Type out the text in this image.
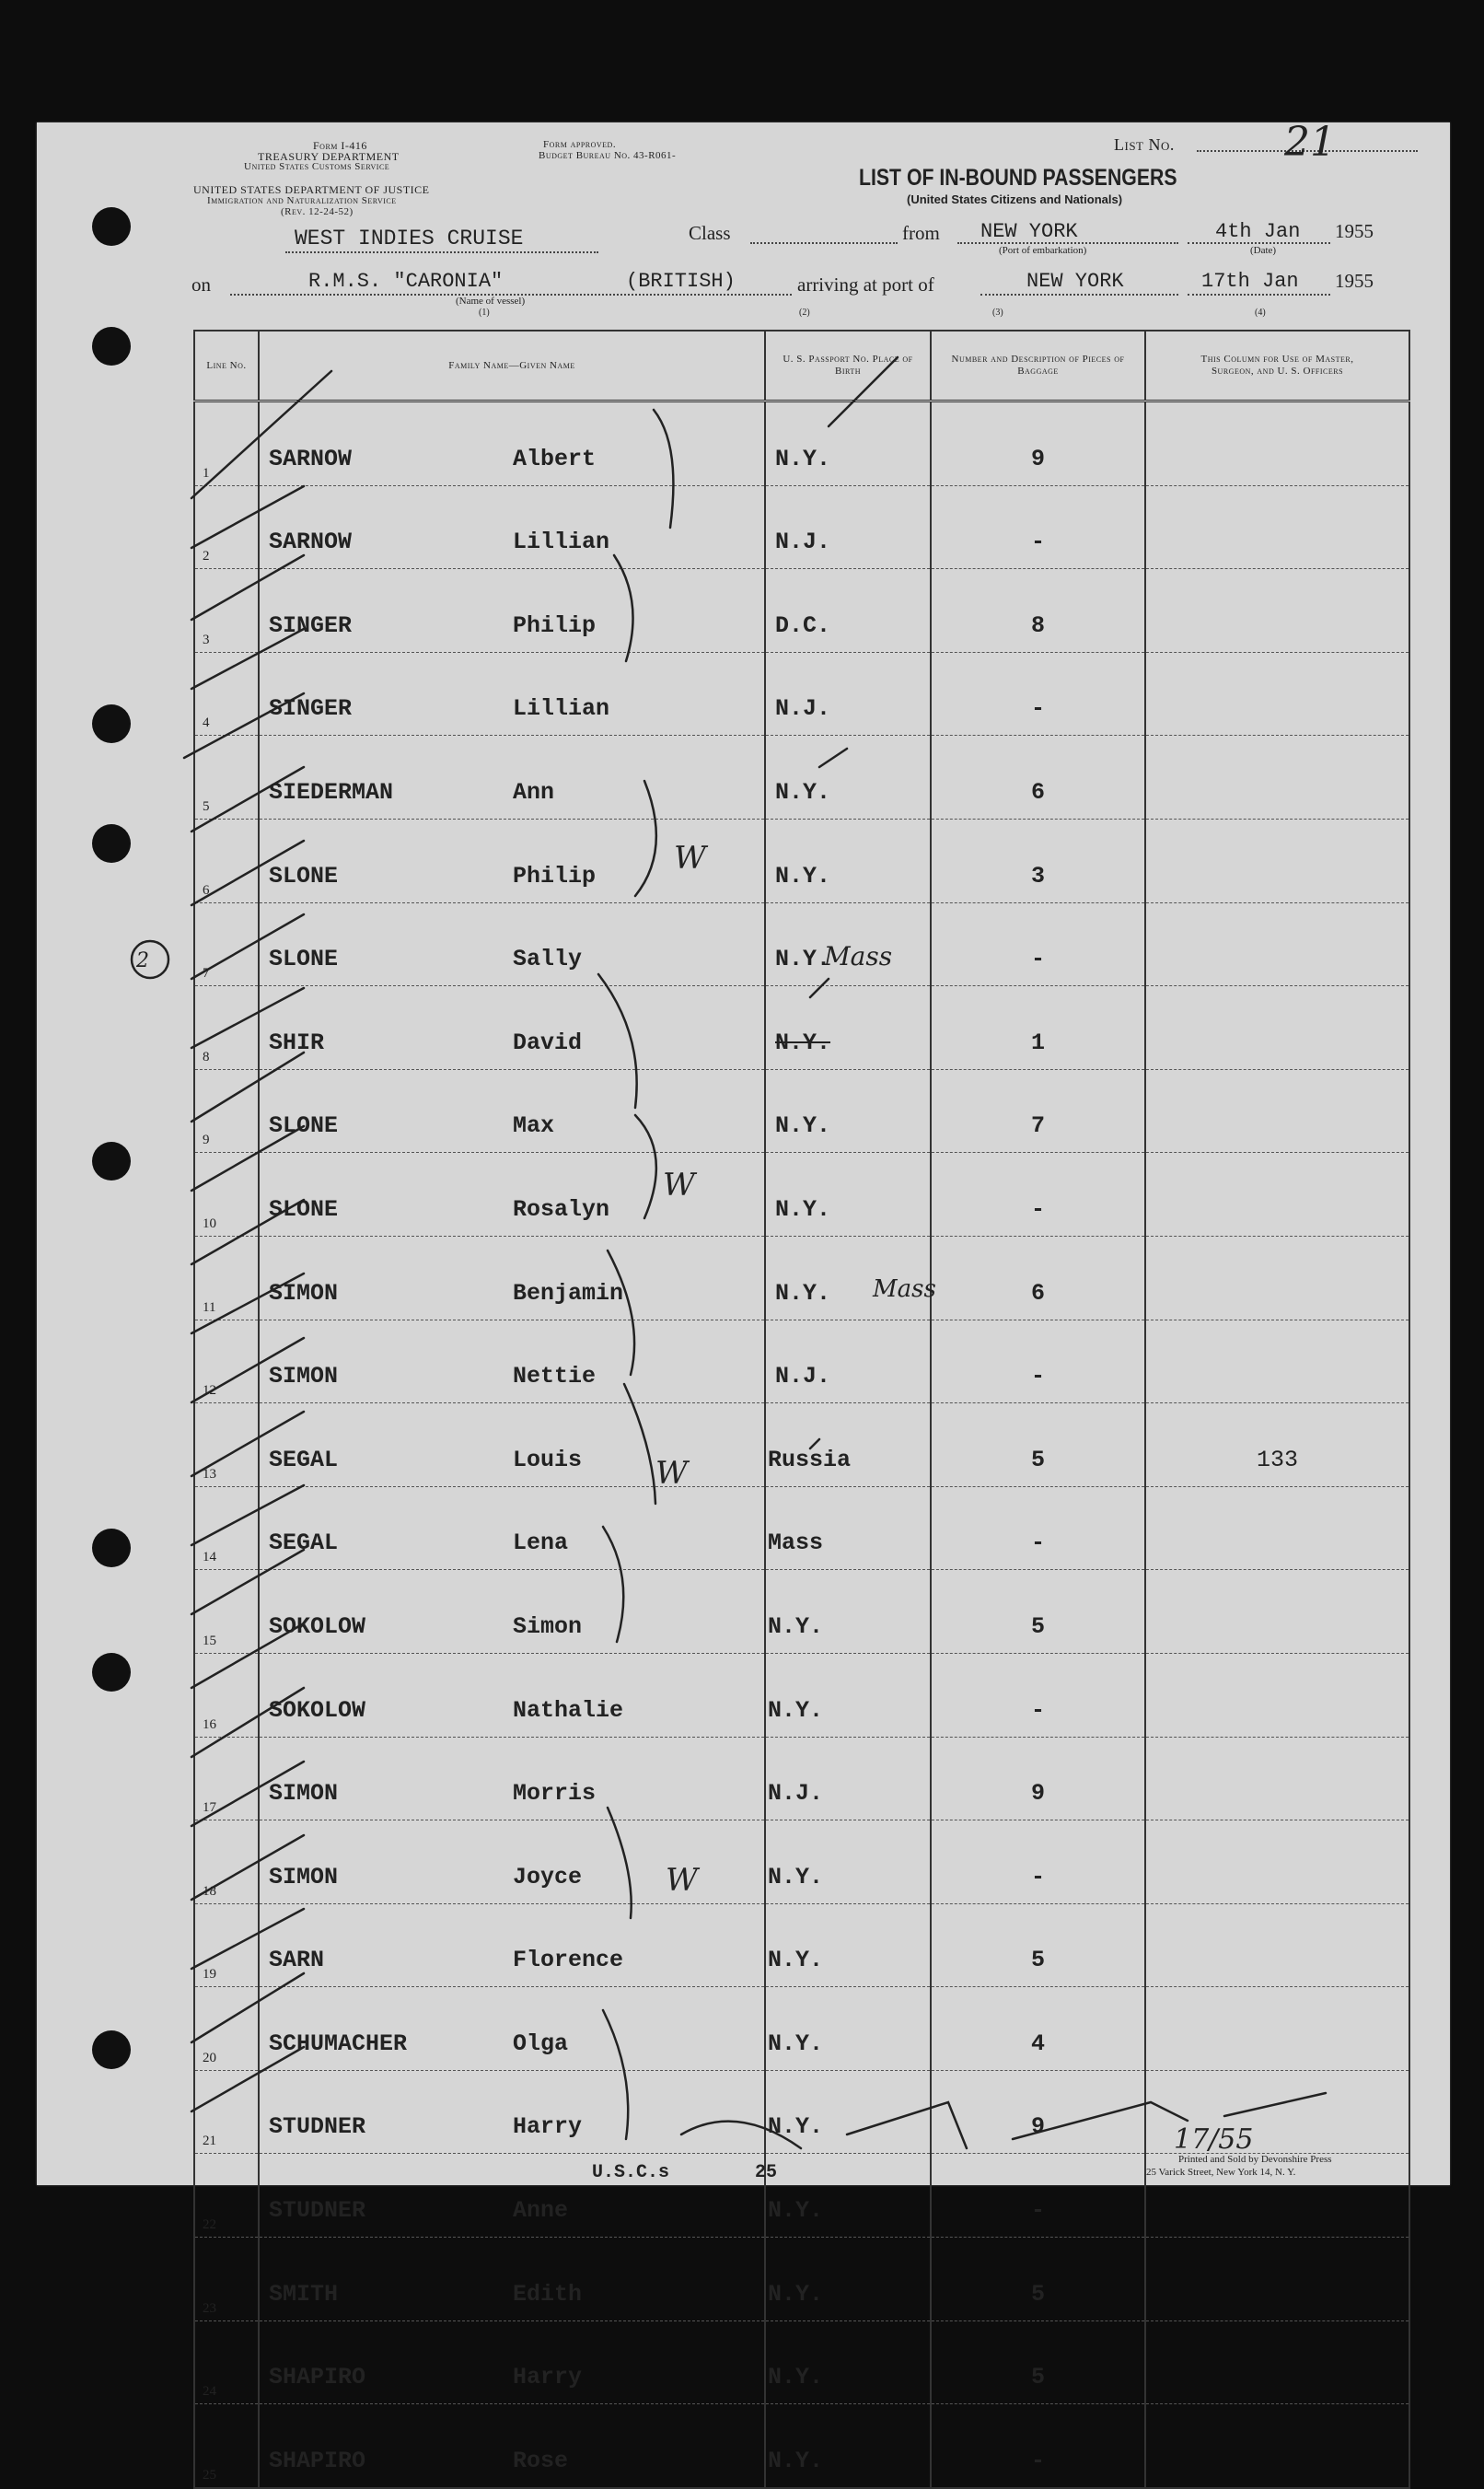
Form I-416
TREASURY DEPARTMENT
United States Customs Service
Form approved.
Budget Bureau No. 43-R061-
UNITED STATES DEPARTMENT OF JUSTICE
Immigration and Naturalization Service
(Rev. 12-24-52)
List No.	21
LIST OF IN-BOUND PASSENGERS
(United States Citizens and Nationals)
WEST INDIES CRUISE	Class	from NEW YORK
(Port of embarkation)
4th Jan 1955
(Date)
on	R.M.S. "CARONIA"	(BRITISH)
(Name of vessel)
(1)	(2)	(3)	(4)
arriving at port of	NEW YORK	17th Jan 1955
Line No.	Family Name—Given Name	U. S. Passport No. Place of Birth	Number and Description of Pieces of Baggage	This Column for Use of Master, Surgeon, and U. S. Officers
1	SARNOW Albert	N.Y.	9	
2	SARNOW Lillian	N.J.	-	
3	SINGER Philip	D.C.	8	
4	SINGER Lillian	N.J.	-	
5	SIEDERMAN Ann	N.Y.	6	
6	SLONE Philip	N.Y.	3	
7	SLONE Sally	N.Y.	-	
8	SHIR David	N.Y.	1	
9	SLONE Max	N.Y.	7	
10	SLONE Rosalyn	N.Y.	-	
11	SIMON Benjamin	N.Y.	6	
12	SIMON Nettie	N.J.	-	
13	SEGAL Louis	Russia	5	133
14	SEGAL Lena	Mass	-	
15	SOKOLOW Simon	N.Y.	5	
16	SOKOLOW Nathalie	N.Y.	-	
17	SIMON Morris	N.J.	9	
18	SIMON Joyce	N.Y.	-	
19	SARN Florence	N.Y.	5	
20	SCHUMACHER Olga	N.Y.	4	
21	STUDNER Harry	N.Y.	9	
22	STUDNER Anne	N.Y.	-	
23	SMITH Edith	N.Y.	5	
24	SHAPIRO Harry	N.Y.	5	
25	SHAPIRO Rose	N.Y.	-	
2	Mass
Mass
W
W
W
W
17/55
U.S.C.s	25
Printed and Sold by Devonshire Press
25 Varick Street, New York 14, N. Y.
